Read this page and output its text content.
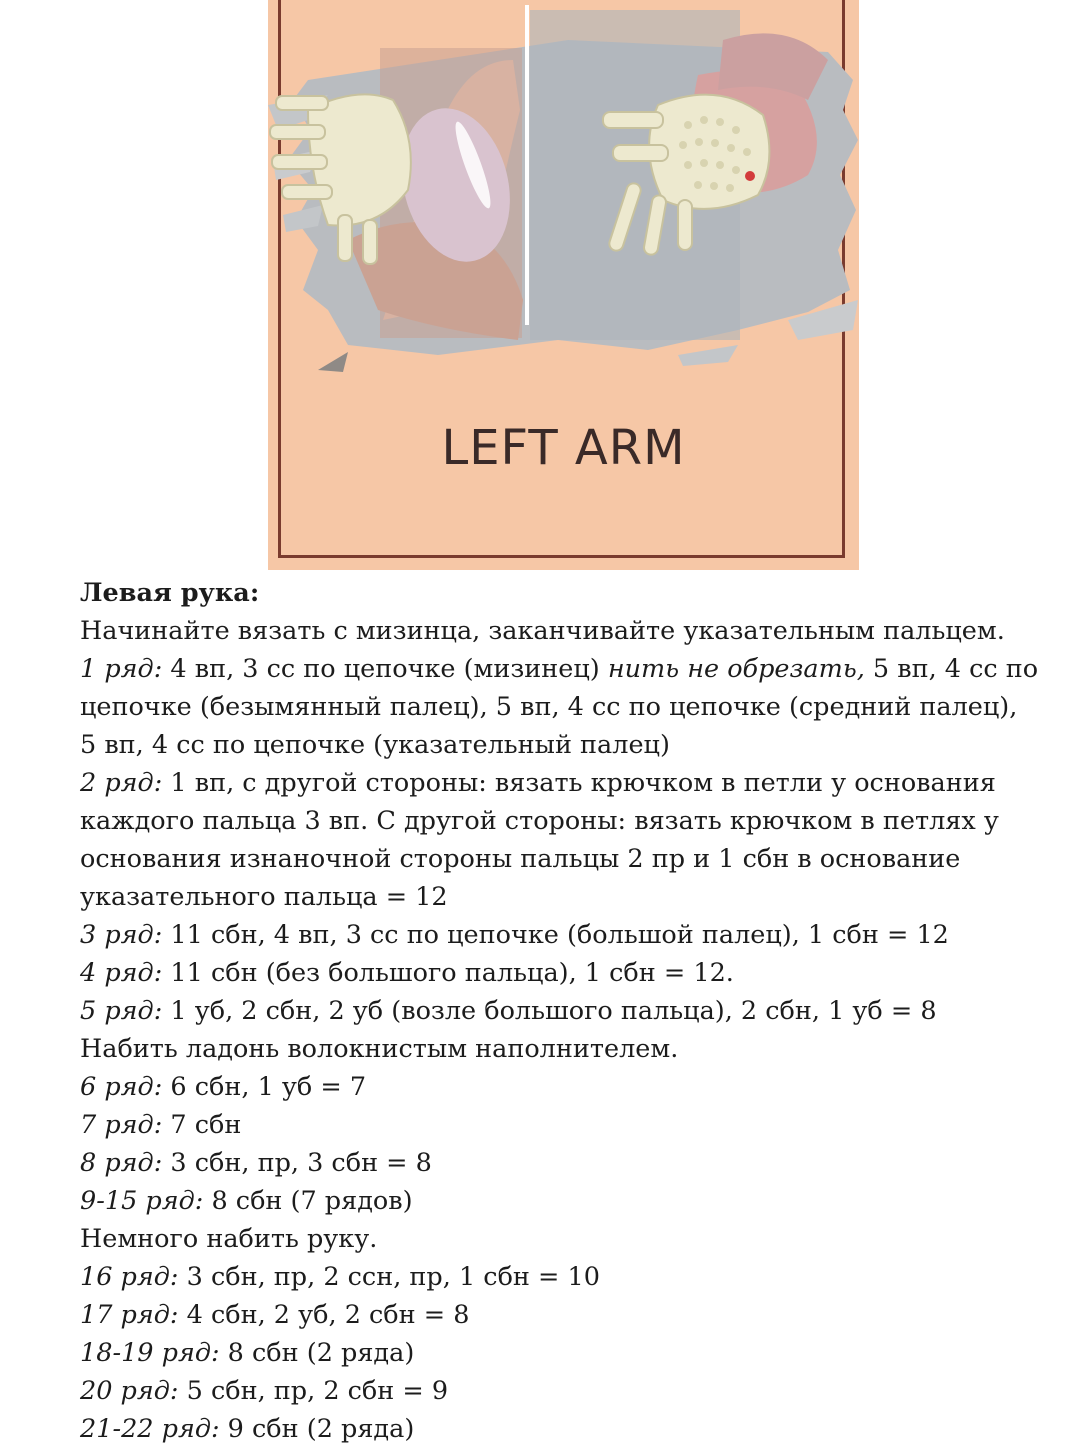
LEFT ARM
Левая рука:
Начинайте вязать с мизинца, заканчивайте указательным пальцем.
1 ряд: 4 вп, 3 сс по цепочке (мизинец) нить не обрезать, 5 вп, 4 сс по
цепочке (безымянный палец), 5 вп, 4 сс по цепочке (средний палец),
5 вп, 4 сс по цепочке (указательный палец)
2 ряд: 1 вп, с другой стороны: вязать крючком в петли у основания
каждого пальца 3 вп. С другой стороны: вязать крючком в петлях у
основания изнаночной стороны пальцы 2 пр и 1 сбн в основание
указательного пальца = 12
3 ряд: 11 сбн, 4 вп, 3 сс по цепочке (большой палец), 1 сбн = 12
4 ряд: 11 сбн (без большого пальца), 1 сбн = 12.
5 ряд: 1 уб, 2 сбн, 2 уб (возле большого пальца), 2 сбн, 1 уб = 8
Набить ладонь волокнистым наполнителем.
6 ряд: 6 сбн, 1 уб = 7
7 ряд: 7 сбн
8 ряд: 3 сбн, пр, 3 сбн = 8
9-15 ряд: 8 сбн (7 рядов)
Немного набить руку.
16 ряд: 3 сбн, пр, 2 ссн, пр, 1 сбн = 10
17 ряд: 4 сбн, 2 уб, 2 сбн = 8
18-19 ряд: 8 сбн (2 ряда)
20 ряд: 5 сбн, пр, 2 сбн = 9
21-22 ряд: 9 сбн (2 ряда)
